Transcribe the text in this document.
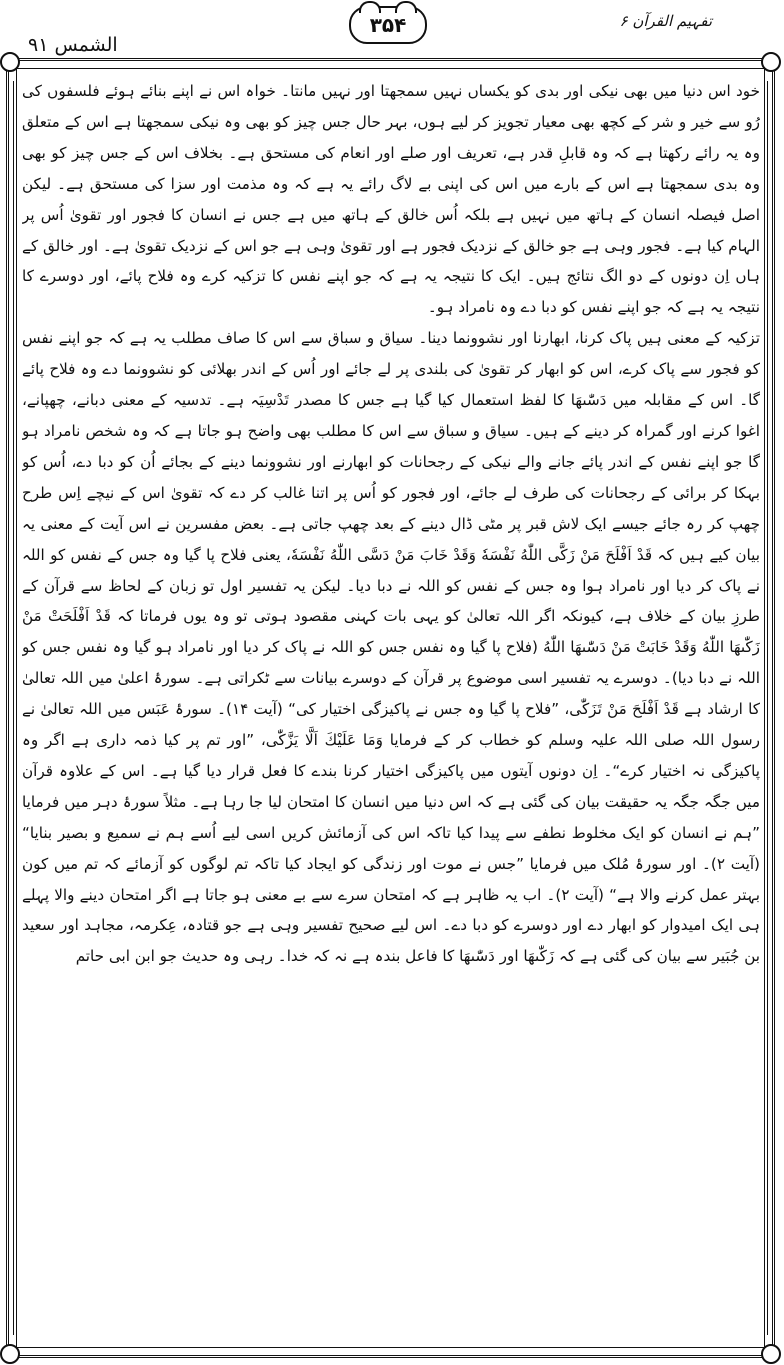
الشمس ۹۱
۳۵۴	تفہیم القرآن ۶

خود اس دنیا میں بھی نیکی اور بدی کو یکساں نہیں سمجھتا اور نہیں مانتا۔ خواہ اس نے اپنے بنائے ہوئے فلسفوں کی رُو سے خیر و شر کے کچھ بھی معیار تجویز کر لیے ہوں، بہر حال جس چیز کو بھی وہ نیکی سمجھتا ہے اس کے متعلق وہ یہ رائے رکھتا ہے کہ وہ قابلِ قدر ہے، تعریف اور صلے اور انعام کی مستحق ہے۔ بخلاف اس کے جس چیز کو بھی وہ بدی سمجھتا ہے اس کے بارے میں اس کی اپنی بے لاگ رائے یہ ہے کہ وہ مذمت اور سزا کی مستحق ہے۔ لیکن اصل فیصلہ انسان کے ہاتھ میں نہیں ہے بلکہ اُس خالق کے ہاتھ میں ہے جس نے انسان کا فجور اور تقویٰ اُس پر الہام کیا ہے۔ فجور وہی ہے جو خالق کے نزدیک فجور ہے اور تقویٰ وہی ہے جو اس کے نزدیک تقویٰ ہے۔ اور خالق کے ہاں اِن دونوں کے دو الگ نتائج ہیں۔ ایک کا نتیجہ یہ ہے کہ جو اپنے نفس کا تزکیہ کرے وہ فلاح پائے، اور دوسرے کا نتیجہ یہ ہے کہ جو اپنے نفس کو دبا دے وہ نامراد ہو۔

تزکیہ کے معنی ہیں پاک کرنا، ابھارنا اور نشوونما دینا۔ سیاق و سباق سے اس کا صاف مطلب یہ ہے کہ جو اپنے نفس کو فجور سے پاک کرے، اس کو ابھار کر تقویٰ کی بلندی پر لے جائے اور اُس کے اندر بھلائی کو نشوونما دے وہ فلاح پائے گا۔ اس کے مقابلہ میں دَسّٰىھَا کا لفظ استعمال کیا گیا ہے جس کا مصدر تَدْسِیَہ ہے۔ تدسیہ کے معنی دبانے، چھپانے، اغوا کرنے اور گمراہ کر دینے کے ہیں۔ سیاق و سباق سے اس کا مطلب بھی واضح ہو جاتا ہے کہ وہ شخص نامراد ہو گا جو اپنے نفس کے اندر پائے جانے والے نیکی کے رجحانات کو ابھارنے اور نشوونما دینے کے بجائے اُن کو دبا دے، اُس کو بہکا کر برائی کے رجحانات کی طرف لے جائے، اور فجور کو اُس پر اتنا غالب کر دے کہ تقویٰ اس کے نیچے اِس طرح چھپ کر رہ جائے جیسے ایک لاش قبر پر مٹی ڈال دینے کے بعد چھپ جاتی ہے۔ بعض مفسرین نے اس آیت کے معنی یہ بیان کیے ہیں کہ قَدْ اَفْلَحَ مَنْ زَكَّى اللّٰهُ نَفْسَهٗ وَقَدْ خَابَ مَنْ دَسَّى اللّٰهُ نَفْسَهٗ، یعنی فلاح پا گیا وہ جس کے نفس کو اللہ نے پاک کر دیا اور نامراد ہوا وہ جس کے نفس کو اللہ نے دبا دیا۔ لیکن یہ تفسیر اول تو زبان کے لحاظ سے قرآن کے طرزِ بیان کے خلاف ہے، کیونکہ اگر اللہ تعالیٰ کو یہی بات کہنی مقصود ہوتی تو وہ یوں فرماتا کہ قَدْ اَفْلَحَتْ مَنْ زَكّٰىهَا اللّٰهُ وَقَدْ خَابَتْ مَنْ دَسّٰىهَا اللّٰهُ (فلاح پا گیا وہ نفس جس کو اللہ نے پاک کر دیا اور نامراد ہو گیا وہ نفس جس کو اللہ نے دبا دیا)۔ دوسرے یہ تفسیر اسی موضوع پر قرآن کے دوسرے بیانات سے ٹکراتی ہے۔ سورۂ اعلیٰ میں اللہ تعالیٰ کا ارشاد ہے قَدْ اَفْلَحَ مَنْ تَزَكّٰى، ”فلاح پا گیا وہ جس نے پاکیزگی اختیار کی“ (آیت ۱۴)۔ سورۂ عَبَس میں اللہ تعالیٰ نے رسول اللہ صلی اللہ علیہ وسلم کو خطاب کر کے فرمایا وَمَا عَلَيْكَ اَلَّا يَزَّكّٰى، ”اور تم پر کیا ذمہ داری ہے اگر وہ پاکیزگی نہ اختیار کرے“۔ اِن دونوں آیتوں میں پاکیزگی اختیار کرنا بندے کا فعل قرار دیا گیا ہے۔ اس کے علاوہ قرآن میں جگہ جگہ یہ حقیقت بیان کی گئی ہے کہ اس دنیا میں انسان کا امتحان لیا جا رہا ہے۔ مثلاً سورۂ دہر میں فرمایا ”ہم نے انسان کو ایک مخلوط نطفے سے پیدا کیا تاکہ اس کی آزمائش کریں اسی لیے اُسے ہم نے سمیع و بصیر بنایا“ (آیت ۲)۔ اور سورۂ مُلک میں فرمایا ”جس نے موت اور زندگی کو ایجاد کیا تاکہ تم لوگوں کو آزمائے کہ تم میں کون بہتر عمل کرنے والا ہے“ (آیت ۲)۔ اب یہ ظاہر ہے کہ امتحان سرے سے بے معنی ہو جاتا ہے اگر امتحان دینے والا پہلے ہی ایک امیدوار کو ابھار دے اور دوسرے کو دبا دے۔ اس لیے صحیح تفسیر وہی ہے جو قتادہ، عِکرمہ، مجاہد اور سعید بن جُبَیر سے بیان کی گئی ہے کہ زَكّٰىهَا اور دَسّٰىهَا کا فاعل بندہ ہے نہ کہ خدا۔ رہی وہ حدیث جو ابن ابی حاتم
